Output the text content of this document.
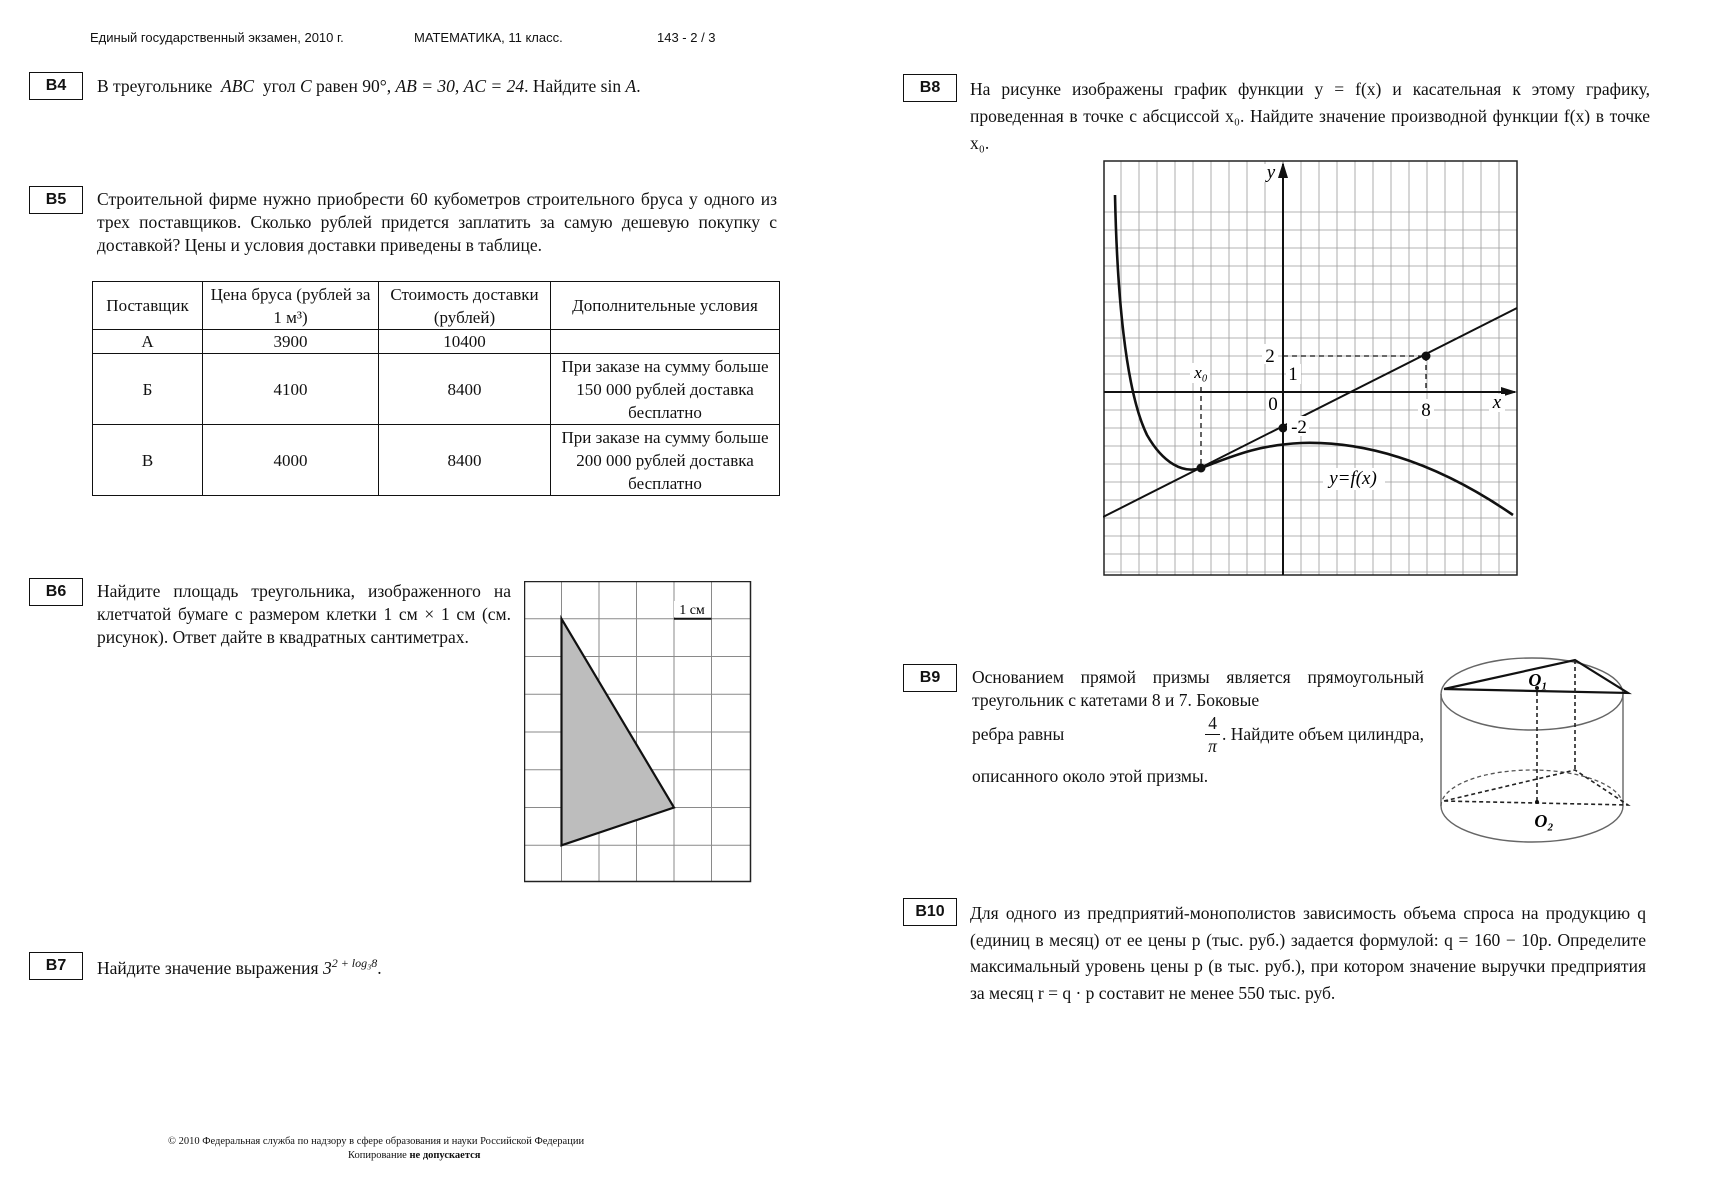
Единый государственный экзамен, 2010 г.	МАТЕМАТИКА, 11 класс.	143 - 2 / 3
B4	В треугольнике ABC угол C равен 90°, AB = 30, AC = 24. Найдите sin A.
B5	Строительной фирме нужно приобрести 60 кубометров строительного бруса у одного из трех поставщиков. Сколько рублей придется заплатить за самую дешевую покупку с доставкой? Цены и условия доставки приведены в таблице.
Поставщик	Цена бруса (рублей за 1 м³)	Стоимость доставки (рублей)	Дополнительные условия
А	3900	10400	
Б	4100	8400	При заказе на сумму больше 150 000 рублей доставка бесплатно
В	4000	8400	При заказе на сумму больше 200 000 рублей доставка бесплатно
B6	Найдите площадь треугольника, изображенного на клетчатой бумаге с размером клетки 1 см × 1 см (см. рисунок). Ответ дайте в квадратных сантиметрах.
1 см
B7	Найдите значение выражения $3^{2 + log_38}$.
B8	На рисунке изображены график функции y = f(x) и касательная к этому графику, проведенная в точке с абсциссой x₀. Найдите значение производной функции f(x) в точке x₀.
y
x
0
1
2
-2
8
x₀
y=f(x)
B9	Основанием прямой призмы является прямоугольный треугольник с катетами 8 и 7. Боковые
ребра равны	$\frac{4}{\pi}$ . Найдите объем цилиндра,
описанного около этой призмы.
O₁
O₂
B10	Для одного из предприятий-монополистов зависимость объема спроса на продукцию q (единиц в месяц) от ее цены p (тыс. руб.) задается формулой: q = 160 − 10p. Определите максимальный уровень цены p (в тыс. руб.), при котором значение выручки предприятия за месяц r = q · p составит не менее 550 тыс. руб.
© 2010 Федеральная служба по надзору в сфере образования и науки Российской Федерации
Копирование не допускается
